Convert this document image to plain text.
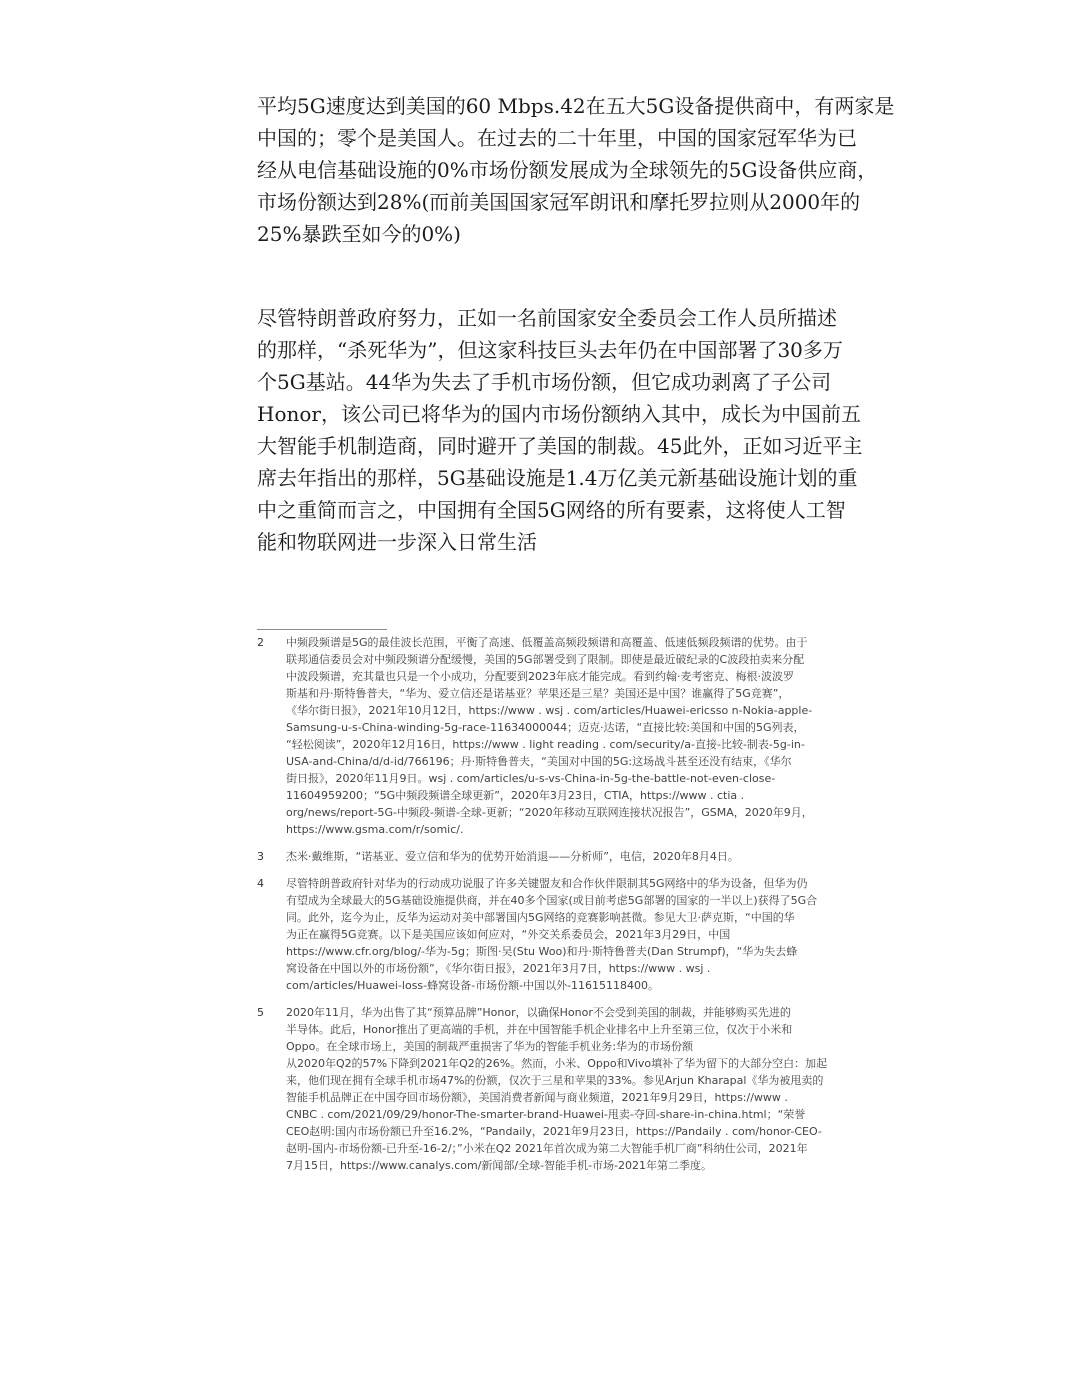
平均5G速度达到美国的60 Mbps.42在五大5G设备提供商中，有两家是
中国的；零个是美国人。在过去的二十年里，中国的国家冠军华为已
经从电信基础设施的0%市场份额发展成为全球领先的5G设备供应商，
市场份额达到28%(而前美国国家冠军朗讯和摩托罗拉则从2000年的
25%暴跌至如今的0%)
尽管特朗普政府努力，正如一名前国家安全委员会工作人员所描述
的那样，“杀死华为”，但这家科技巨头去年仍在中国部署了30多万
个5G基站。44华为失去了手机市场份额，但它成功剥离了子公司
Honor，该公司已将华为的国内市场份额纳入其中，成长为中国前五
大智能手机制造商，同时避开了美国的制裁。45此外，正如习近平主
席去年指出的那样，5G基础设施是1.4万亿美元新基础设施计划的重
中之重简而言之，中国拥有全国5G网络的所有要素，这将使人工智
能和物联网进一步深入日常生活
2 中频段频谱是5G的最佳波长范围，平衡了高速、低覆盖高频段频谱和高覆盖、低速低频段频谱的优势。由于
联邦通信委员会对中频段频谱分配缓慢，美国的5G部署受到了限制。即使是最近破纪录的C波段拍卖来分配
中波段频谱，充其量也只是一个小成功，分配要到2023年底才能完成。看到约翰·麦考密克、梅根·波波罗
斯基和丹·斯特鲁普夫，“华为、爱立信还是诺基亚？苹果还是三星？美国还是中国？谁赢得了5G竞赛”，
《华尔街日报》，2021年10月12日，https://www . wsj . com/articles/Huawei-ericsso n-Nokia-apple-
Samsung-u-s-China-winding-5g-race-11634000044；迈克·达诺，“直接比较:美国和中国的5G列表，
“轻松阅读”，2020年12月16日，https://www . light reading . com/security/a-直接-比较-制表-5g-in-
USA-and-China/d/d-id/766196；丹·斯特鲁普夫，“美国对中国的5G:这场战斗甚至还没有结束，《华尔
街日报》，2020年11月9日。wsj . com/articles/u-s-vs-China-in-5g-the-battle-not-even-close-
11604959200；“5G中频段频谱全球更新”，2020年3月23日，CTIA，https://www . ctia .
org/news/report-5G-中频段-频谱-全球-更新；“2020年移动互联网连接状况报告”，GSMA，2020年9月，
https://www.gsma.com/r/somic/.
3 杰米·戴维斯，“诺基亚、爱立信和华为的优势开始消退——分析师”，电信，2020年8月4日。
4 尽管特朗普政府针对华为的行动成功说服了许多关键盟友和合作伙伴限制其5G网络中的华为设备，但华为仍
有望成为全球最大的5G基础设施提供商，并在40多个国家(或目前考虑5G部署的国家的一半以上)获得了5G合
同。此外，迄今为止，反华为运动对美中部署国内5G网络的竞赛影响甚微。参见大卫·萨克斯，“中国的华
为正在赢得5G竞赛。以下是美国应该如何应对，“外交关系委员会，2021年3月29日，中国
https://www.cfr.org/blog/-华为-5g；斯图·吴(Stu Woo)和丹·斯特鲁普夫(Dan Strumpf)，“华为失去蜂
窝设备在中国以外的市场份额”，《华尔街日报》，2021年3月7日，https://www . wsj .
com/articles/Huawei-loss-蜂窝设备-市场份额-中国以外-11615118400。
5 2020年11月，华为出售了其“预算品牌”Honor，以确保Honor不会受到美国的制裁，并能够购买先进的
半导体。此后，Honor推出了更高端的手机，并在中国智能手机企业排名中上升至第三位，仅次于小米和
Oppo。在全球市场上，美国的制裁严重损害了华为的智能手机业务:华为的市场份额
从2020年Q2的57%下降到2021年Q2的26%。然而，小米、Oppo和Vivo填补了华为留下的大部分空白：加起
来，他们现在拥有全球手机市场47%的份额，仅次于三星和苹果的33%。参见Arjun Kharapal《华为被甩卖的
智能手机品牌正在中国夺回市场份额》，美国消费者新闻与商业频道，2021年9月29日，https://www .
CNBC . com/2021/09/29/honor-The-smarter-brand-Huawei-甩卖-夺回-share-in-china.html；“荣誉
CEO赵明:国内市场份额已升至16.2%，“Pandaily，2021年9月23日，https://Pandaily . com/honor-CEO-
赵明-国内-市场份额-已升至-16-2/；”小米在Q2 2021年首次成为第二大智能手机厂商”科纳仕公司，2021年
7月15日，https://www.canalys.com/新闻部/全球-智能手机-市场-2021年第二季度。
